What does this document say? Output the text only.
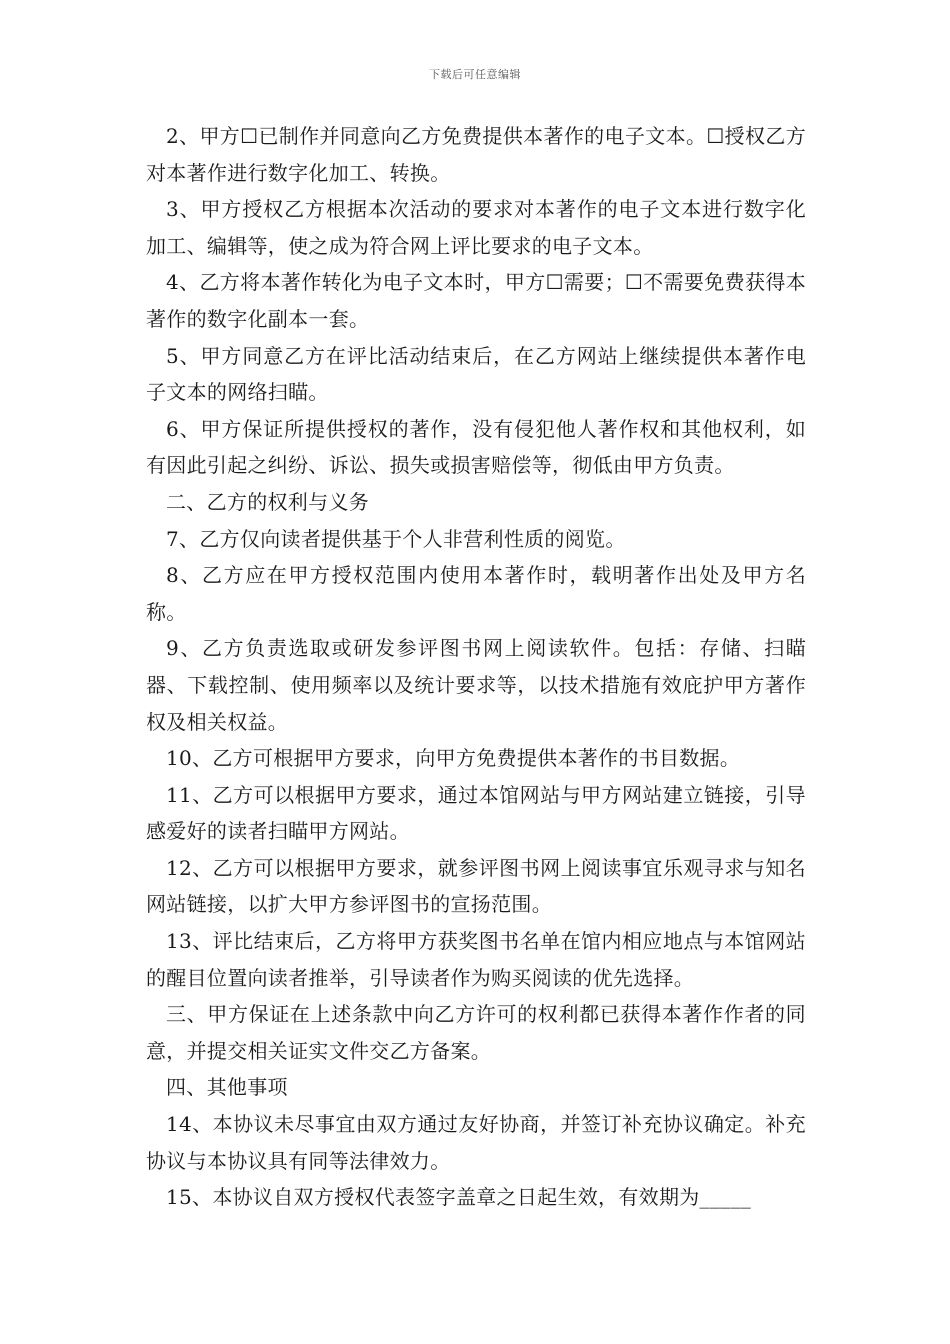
下载后可任意编辑

2、甲方☐已制作并同意向乙方免费提供本著作的电子文本。☐授权乙方对本著作进行数字化加工、转换。

3、甲方授权乙方根据本次活动的要求对本著作的电子文本进行数字化加工、编辑等，使之成为符合网上评比要求的电子文本。

4、乙方将本著作转化为电子文本时，甲方☐需要；☐不需要免费获得本著作的数字化副本一套。

5、甲方同意乙方在评比活动结束后，在乙方网站上继续提供本著作电子文本的网络扫瞄。

6、甲方保证所提供授权的著作，没有侵犯他人著作权和其他权利，如有因此引起之纠纷、诉讼、损失或损害赔偿等，彻低由甲方负责。

二、乙方的权利与义务

7、乙方仅向读者提供基于个人非营利性质的阅览。

8、乙方应在甲方授权范围内使用本著作时，载明著作出处及甲方名称。

9、乙方负责选取或研发参评图书网上阅读软件。包括：存储、扫瞄器、下载控制、使用频率以及统计要求等，以技术措施有效庇护甲方著作权及相关权益。

10、乙方可根据甲方要求，向甲方免费提供本著作的书目数据。

11、乙方可以根据甲方要求，通过本馆网站与甲方网站建立链接，引导感爱好的读者扫瞄甲方网站。

12、乙方可以根据甲方要求，就参评图书网上阅读事宜乐观寻求与知名网站链接，以扩大甲方参评图书的宣扬范围。

13、评比结束后，乙方将甲方获奖图书名单在馆内相应地点与本馆网站的醒目位置向读者推举，引导读者作为购买阅读的优先选择。

三、甲方保证在上述条款中向乙方许可的权利都已获得本著作作者的同意，并提交相关证实文件交乙方备案。

四、其他事项

14、本协议未尽事宜由双方通过友好协商，并签订补充协议确定。补充协议与本协议具有同等法律效力。

15、本协议自双方授权代表签字盖章之日起生效，有效期为_____
